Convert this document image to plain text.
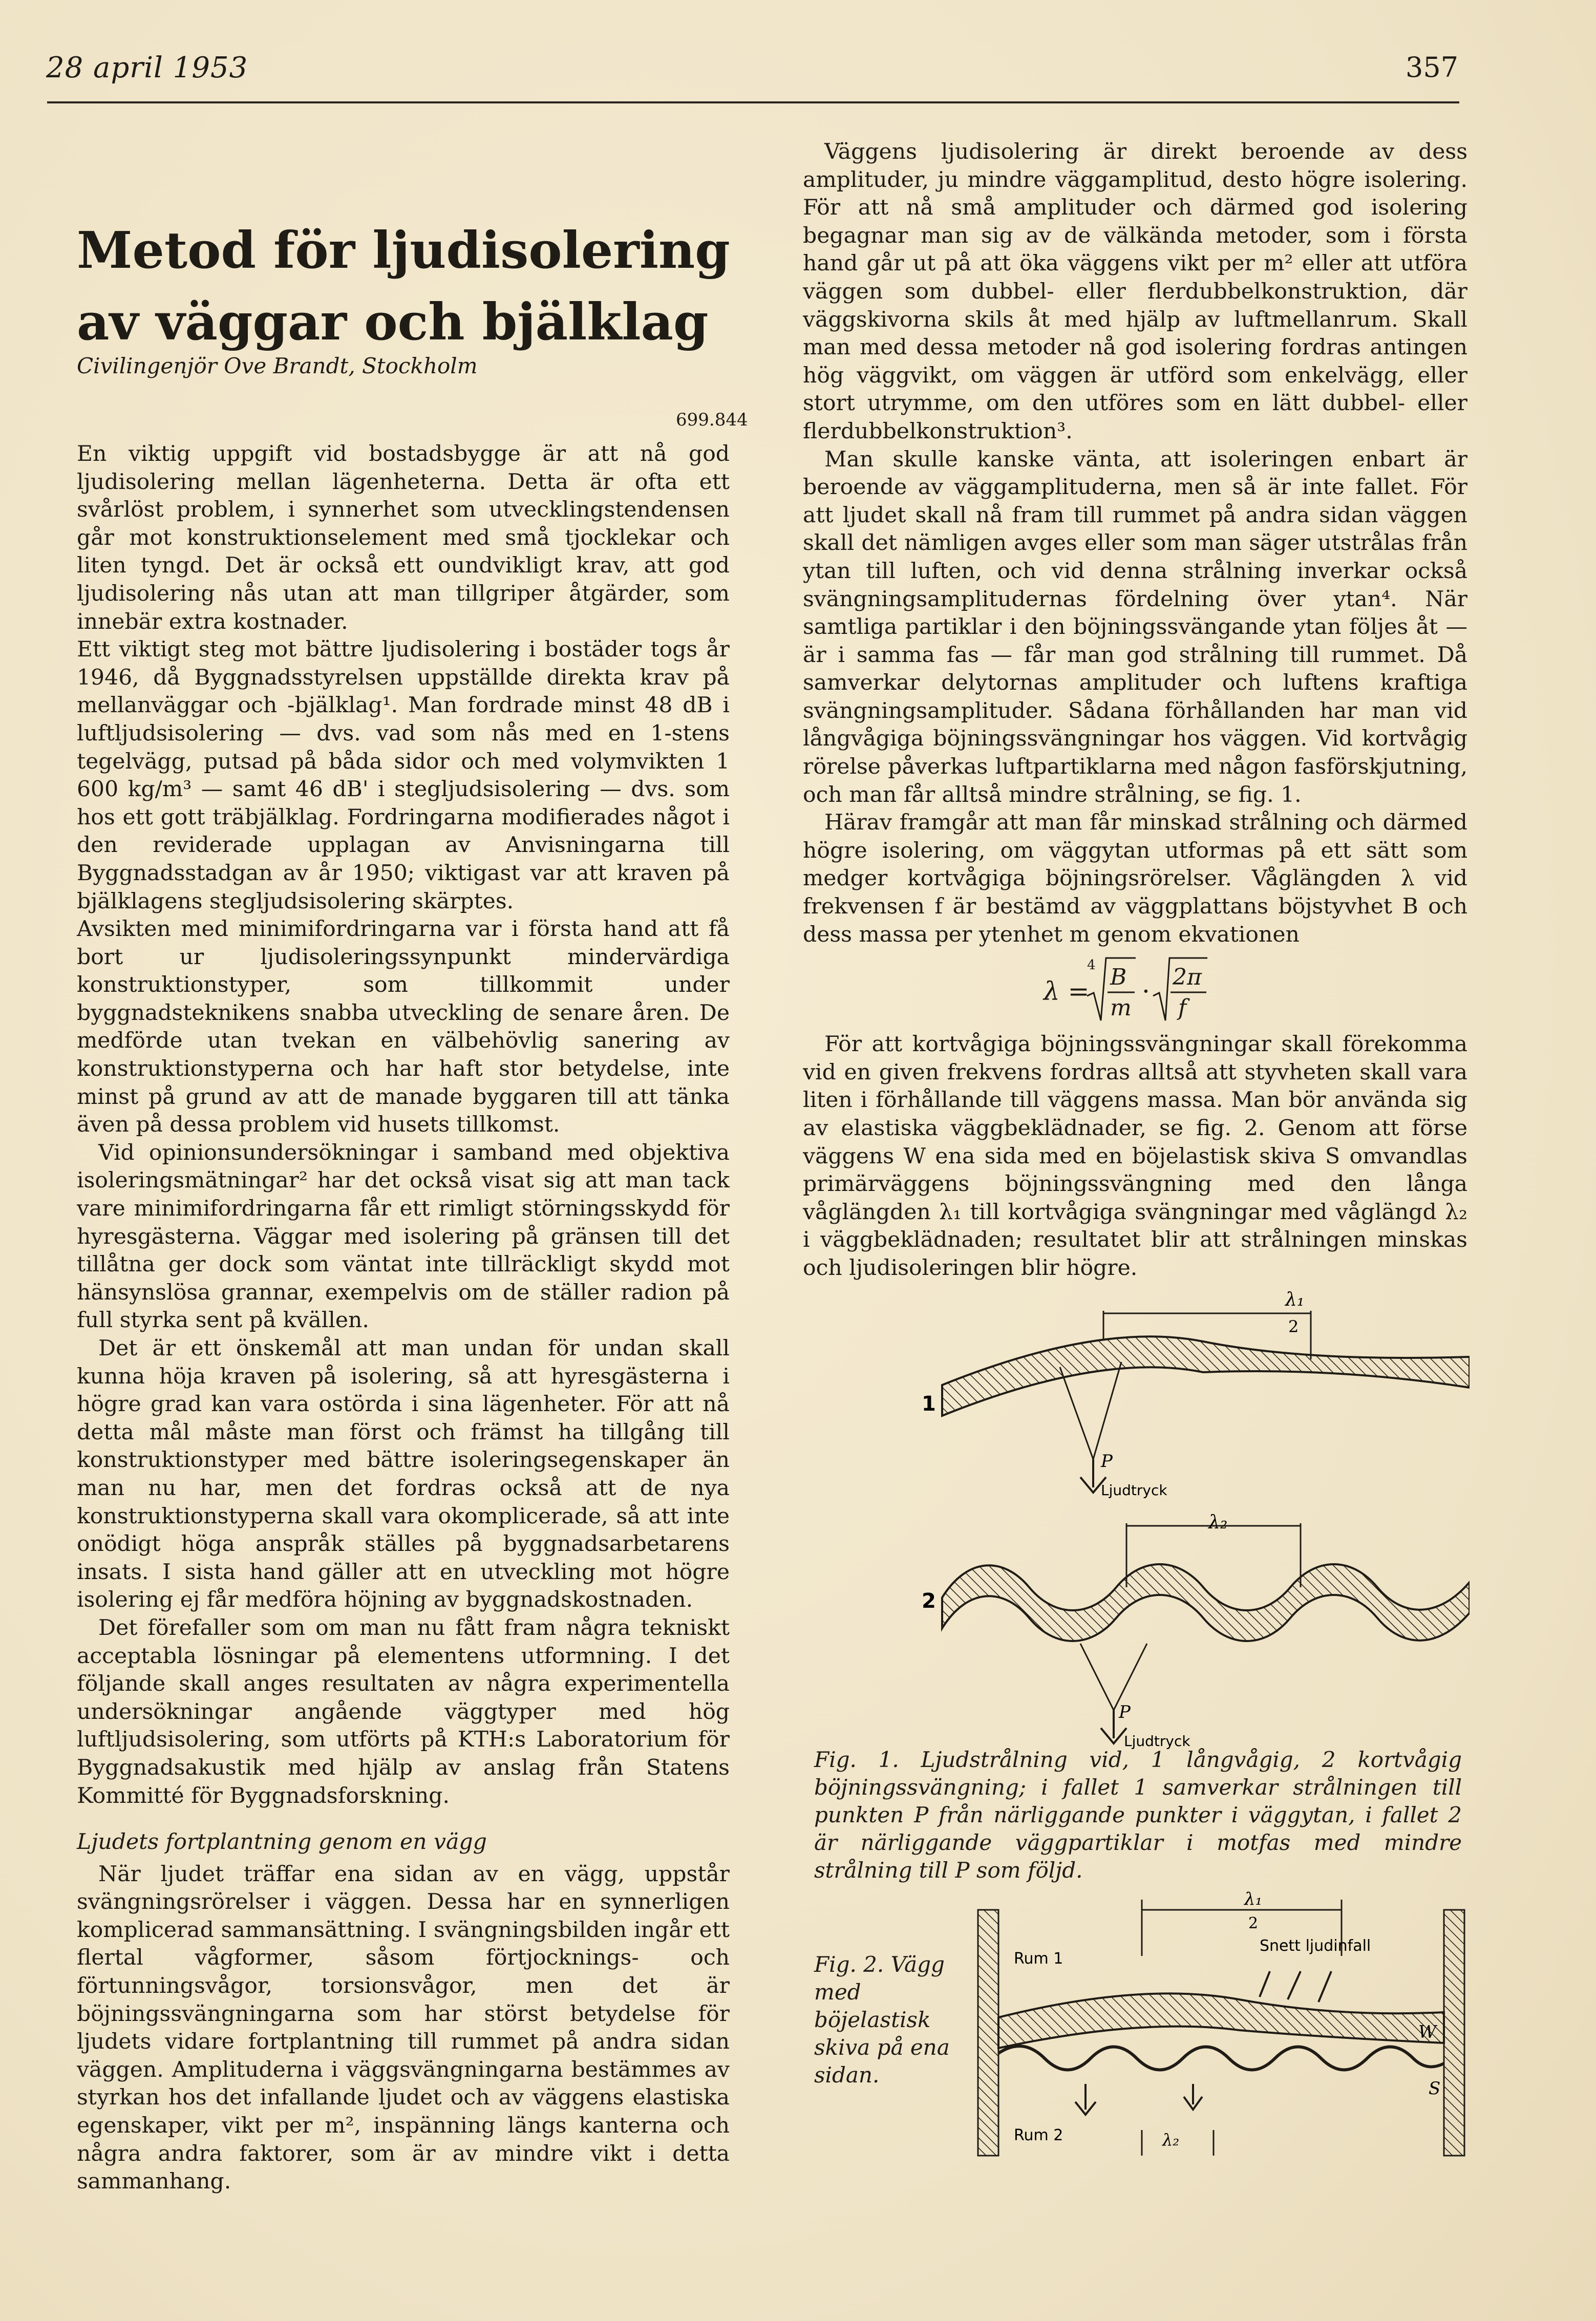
28 april 1953	357
Metod för ljudisolering
av väggar och bjälklag
Civilingenjör Ove Brandt, Stockholm
699.844

En viktig uppgift vid bostadsbygge är att nå god ljudisolering mellan lägenheterna. Detta är ofta ett svårlöst problem, i synnerhet som utvecklingstendensen går mot konstruktionselement med små tjocklekar och liten tyngd. Det är också ett oundvikligt krav, att god ljudisolering nås utan att man tillgriper åtgärder, som innebär extra kostnader.

Ett viktigt steg mot bättre ljudisolering i bostäder togs år 1946, då Byggnadsstyrelsen uppställde direkta krav på mellanväggar och -bjälklag¹. Man fordrade minst 48 dB i luftljudsisolering — dvs. vad som nås med en 1-stens tegelvägg, putsad på båda sidor och med volymvikten 1 600 kg/m³ — samt 46 dB' i stegljudsisolering — dvs. som hos ett gott träbjälklag. Fordringarna modifierades något i den reviderade upplagan av Anvisningarna till Byggnadsstadgan av år 1950; viktigast var att kraven på bjälklagens stegljudsisolering skärptes.

Avsikten med minimifordringarna var i första hand att få bort ur ljudisoleringssynpunkt mindervärdiga konstruktionstyper, som tillkommit under byggnadsteknikens snabba utveckling de senare åren. De medförde utan tvekan en välbehövlig sanering av konstruktionstyperna och har haft stor betydelse, inte minst på grund av att de manade byggaren till att tänka även på dessa problem vid husets tillkomst.

Vid opinionsundersökningar i samband med objektiva isoleringsmätningar² har det också visat sig att man tack vare minimifordringarna får ett rimligt störningsskydd för hyresgästerna. Väggar med isolering på gränsen till det tillåtna ger dock som väntat inte tillräckligt skydd mot hänsynslösa grannar, exempelvis om de ställer radion på full styrka sent på kvällen.

Det är ett önskemål att man undan för undan skall kunna höja kraven på isolering, så att hyresgästerna i högre grad kan vara ostörda i sina lägenheter. För att nå detta mål måste man först och främst ha tillgång till konstruktionstyper med bättre isoleringsegenskaper än man nu har, men det fordras också att de nya konstruktionstyperna skall vara okomplicerade, så att inte onödigt höga anspråk ställes på byggnadsarbetarens insats. I sista hand gäller att en utveckling mot högre isolering ej får medföra höjning av byggnadskostnaden.

Det förefaller som om man nu fått fram några tekniskt acceptabla lösningar på elementens utformning. I det följande skall anges resultaten av några experimentella undersökningar angående väggtyper med hög luftljudsisolering, som utförts på KTH:s Laboratorium för Byggnadsakustik med hjälp av anslag från Statens Kommitté för Byggnadsforskning.

Ljudets fortplantning genom en vägg

När ljudet träffar ena sidan av en vägg, uppstår svängningsrörelser i väggen. Dessa har en synnerligen komplicerad sammansättning. I svängningsbilden ingår ett flertal vågformer, såsom förtjocknings- och förtunningsvågor, torsionsvågor, men det är böjningssvängningarna som har störst betydelse för ljudets vidare fortplantning till rummet på andra sidan väggen. Amplituderna i väggsvängningarna bestämmes av styrkan hos det infallande ljudet och av väggens elastiska egenskaper, vikt per m², inspänning längs kanterna och några andra faktorer, som är av mindre vikt i detta sammanhang.

Väggens ljudisolering är direkt beroende av dess amplituder, ju mindre väggamplitud, desto högre isolering. För att nå små amplituder och därmed god isolering begagnar man sig av de välkända metoder, som i första hand går ut på att öka väggens vikt per m² eller att utföra väggen som dubbel- eller flerdubbelkonstruktion, där väggskivorna skils åt med hjälp av luftmellanrum. Skall man med dessa metoder nå god isolering fordras antingen hög väggvikt, om väggen är utförd som enkelvägg, eller stort utrymme, om den utföres som en lätt dubbel- eller flerdubbelkonstruktion³.

Man skulle kanske vänta, att isoleringen enbart är beroende av väggamplituderna, men så är inte fallet. För att ljudet skall nå fram till rummet på andra sidan väggen skall det nämligen avges eller som man säger utstrålas från ytan till luften, och vid denna strålning inverkar också svängningsamplitudernas fördelning över ytan⁴. När samtliga partiklar i den böjningssvängande ytan följes åt — är i samma fas — får man god strålning till rummet. Då samverkar delytornas amplituder och luftens kraftiga svängningsamplituder. Sådana förhållanden har man vid långvågiga böjningssvängningar hos väggen. Vid kortvågig rörelse påverkas luftpartiklarna med någon fasförskjutning, och man får alltså mindre strålning, se fig. 1.

Härav framgår att man får minskad strålning och därmed högre isolering, om väggytan utformas på ett sätt som medger kortvågiga böjningsrörelser. Våglängden λ vid frekvensen f är bestämd av väggplattans böjstyvhet B och dess massa per ytenhet m genom ekvationen

λ =
4 B
m
· 2π
f

För att kortvågiga böjningssvängningar skall förekomma vid en given frekvens fordras alltså att styvheten skall vara liten i förhållande till väggens massa. Man bör använda sig av elastiska väggbeklädnader, se fig. 2. Genom att förse väggens W ena sida med en böjelastisk skiva S omvandlas primärväggens böjningssvängning med den långa våglängden λ₁ till kortvågiga svängningar med våglängd λ₂ i väggbeklädnaden; resultatet blir att strålningen minskas och ljudisoleringen blir högre.

1
λ₁
2
P
Ljudtryck
2
λ₂
P
Ljudtryck
Fig. 1. Ljudstrålning vid, 1 långvågig, 2 kortvågig böjningssvängning; i fallet 1 samverkar strålningen till punkten P från närliggande punkter i väggytan, i fallet 2 är närliggande väggpartiklar i motfas med mindre strålning till P som följd.
λ₁
2
Rum 1
Snett ljudinfall
W
S
Rum 2	λ₂
Fig. 2. Vägg med böjelastisk skiva på ena sidan.
